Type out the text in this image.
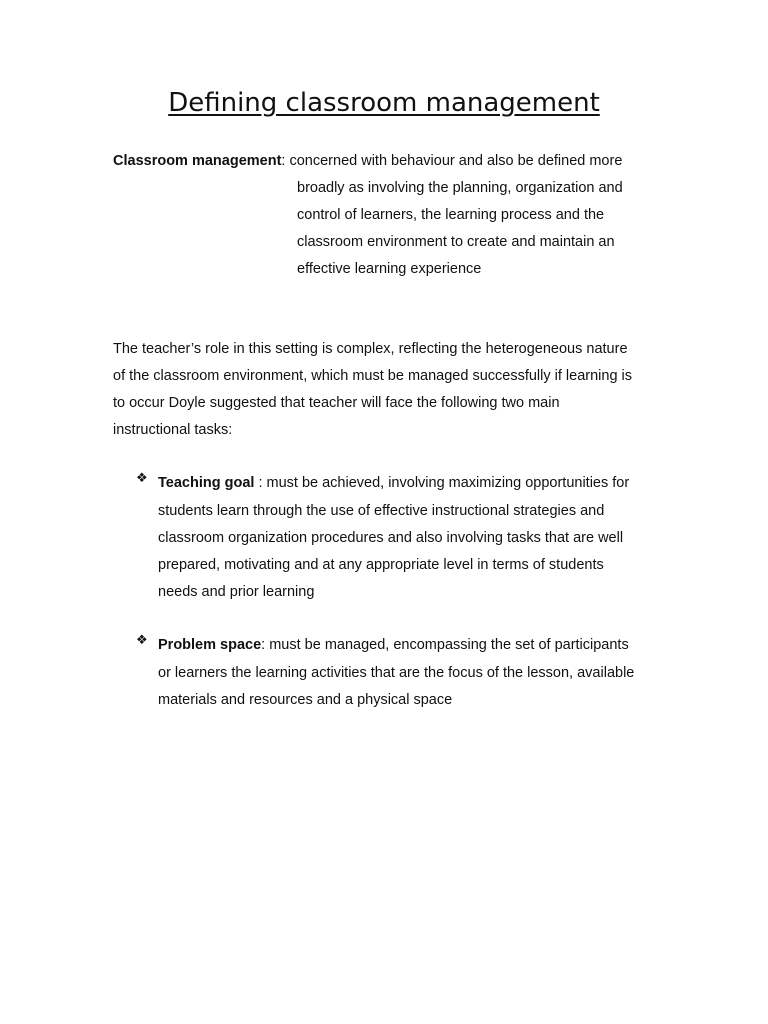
Defining classroom management
Classroom management: concerned with behaviour and also be defined more
broadly as involving the planning, organization and
control of learners, the learning process and the
classroom environment to create and maintain an
effective learning experience
The teacher’s role in this setting is complex, reflecting the heterogeneous nature
of the classroom environment, which must be managed successfully if learning is
to occur Doyle suggested that teacher will face the following two main
instructional tasks:
❖ Teaching goal : must be achieved, involving maximizing opportunities for
students learn through the use of effective instructional strategies and
classroom organization procedures and also involving tasks that are well
prepared, motivating and at any appropriate level in terms of students
needs and prior learning
❖ Problem space: must be managed, encompassing the set of participants
or learners the learning activities that are the focus of the lesson, available
materials and resources and a physical space
